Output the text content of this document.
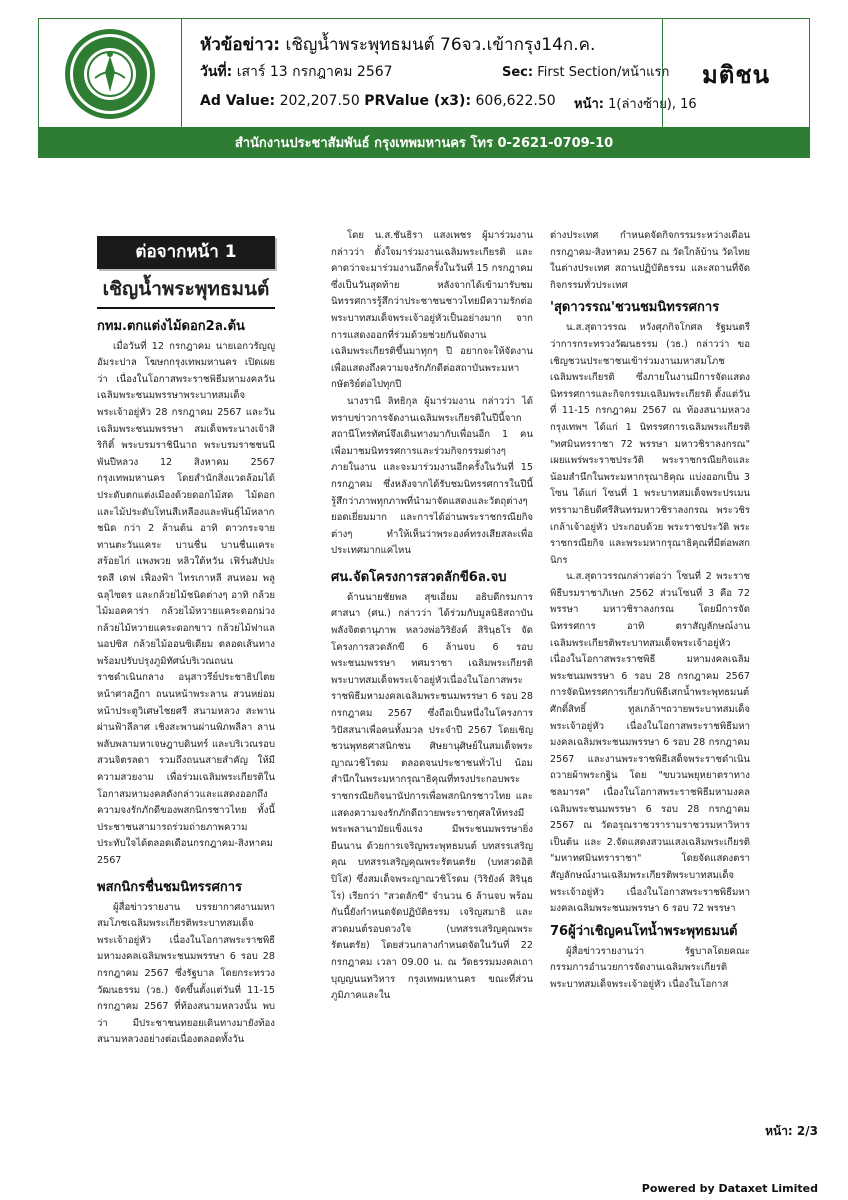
หัวข้อข่าว: เชิญน้ำพระพุทธมนต์ 76จว.เข้ากรุง14ก.ค.
วันที่: เสาร์ 13 กรกฎาคม 2567	Sec: First Section/หน้าแรก
Ad Value: 202,207.50 PRValue (x3): 606,622.50 หน้า: 1(ล่างซ้าย), 16
มติชน
สำนักงานประชาสัมพันธ์ กรุงเทพมหานคร โทร 0-2621-0709-10
ต่อจากหน้า 1
เชิญน้ำพระพุทธมนต์
กทม.ตกแต่งไม้ดอก2ล.ต้น

เมื่อวันที่ 12 กรกฎาคม นายเอกวรัญญู อัมระปาล โฆษกกรุงเทพมหานคร เปิดเผยว่า เนื่องในโอกาสพระราชพิธีมหามงคลวันเฉลิมพระชนมพรรษาพระบาทสมเด็จพระเจ้าอยู่หัว 28 กรกฎาคม 2567 และวันเฉลิมพระชนมพรรษา สมเด็จพระนางเจ้าสิริกิติ์ พระบรมราชินีนาถ พระบรมราชชนนีพันปีหลวง 12 สิงหาคม 2567 กรุงเทพมหานคร โดยสำนักสิ่งแวดล้อมได้ประดับตกแต่งเมืองด้วยดอกไม้สด ไม้ดอกและไม้ประดับโทนสีเหลืองและพันธุ์ไม้หลากชนิด กว่า 2 ล้านต้น อาทิ ดาวกระจาย ทานตะวันแคระ บานชื่น บานชื่นแคระ สร้อยไก่ แพงพวย หลิวใต้หวัน เฟิร์นสัปปะรดสี เดฟ เฟื่องฟ้า ไทรเกาหลี สนหอม พลูฉลุไซดร และกล้วยไม้ชนิดต่างๆ อาทิ กล้วยไม้มอคคาร่า กล้วยไม้หวายแคระดอกม่วง กล้วยไม้หวายแคระดอกขาว กล้วยไม้ฟาแลนอปซิส กล้วยไม้ออนซิเดียม ตลอดเส้นทาง พร้อมปรับปรุงภูมิทัศน์บริเวณถนนราชดำเนินกลาง อนุสาวรีย์ประชาธิปไตย หน้าศาลฎีกา ถนนหน้าพระลาน สวนหย่อมหน้าประตูวิเศษไชยศรี สนามหลวง สะพานผ่านฟ้าลีลาศ เชิงสะพานผ่านพิภพลีลา ลานพลับพลามหาเจษฎาบดินทร์ และบริเวณรอบสวนจิตรลดา รวมถึงถนนสายสำคัญ ให้มีความสวยงาม เพื่อร่วมเฉลิมพระเกียรติในโอกาสมหามงคลดังกล่าวและแสดงออกถึงความจงรักภักดีของพสกนิกรชาวไทย ทั้งนี้ ประชาชนสามารถร่วมถ่ายภาพความประทับใจได้ตลอดเดือนกรกฎาคม-สิงหาคม 2567

พสกนิกรชื่นชมนิทรรศการ

ผู้สื่อข่าวรายงาน บรรยากาศงานมหาสมโภชเฉลิมพระเกียรติพระบาทสมเด็จพระเจ้าอยู่หัว เนื่องในโอกาสพระราชพิธีมหามงคลเฉลิมพระชนมพรรษา 6 รอบ 28 กรกฎาคม 2567 ซึ่งรัฐบาล โดยกระทรวงวัฒนธรรม (วธ.) จัดขึ้นตั้งแต่วันที่ 11-15 กรกฎาคม 2567 ที่ท้องสนามหลวงนั้น พบว่า มีประชาชนทยอยเดินทางมายังท้องสนามหลวงอย่างต่อเนื่องตลอดทั้งวัน

โดย น.ส.ชันธิรา แสงเพชร ผู้มาร่วมงาน กล่าวว่า ตั้งใจมาร่วมงานเฉลิมพระเกียรติ และคาดว่าจะมาร่วมงานอีกครั้งในวันที่ 15 กรกฎาคม ซึ่งเป็นวันสุดท้าย หลังจากได้เข้ามารับชมนิทรรศการรู้สึกว่าประชาชนชาวไทยมีความรักต่อพระบาทสมเด็จพระเจ้าอยู่หัวเป็นอย่างมาก จากการแสดงออกที่ร่วมด้วยช่วยกันจัดงานเฉลิมพระเกียรติขึ้นมาทุกๆ ปี อยากจะให้จัดงานเพื่อแสดงถึงความจงรักภักดีต่อสถาบันพระมหากษัตริย์ต่อไปทุกปี

นางรานี ลิทธิกุล ผู้มาร่วมงาน กล่าวว่า ได้ทราบข่าวการจัดงานเฉลิมพระเกียรติในปีนี้จากสถานีโทรทัศน์จึงเดินทางมากับเพื่อนอีก 1 คน เพื่อมาชมนิทรรศการและร่วมกิจกรรมต่างๆ ภายในงาน และจะมาร่วมงานอีกครั้งในวันที่ 15 กรกฎาคม ซึ่งหลังจากได้รับชมนิทรรศการในปีนี้รู้สึกว่าภาพทุกภาพที่นำมาจัดแสดงและวัตถุต่างๆ ยอดเยี่ยมมาก และการได้อ่านพระราชกรณียกิจต่างๆ ทำให้เห็นว่าพระองค์ทรงเสียสละเพื่อประเทศมากแค่ไหน

ศน.จัดโครงการสวดลักขี6ล.จบ

ด้านนายชัยพล สุขเอี่ยม อธิบดีกรมการศาสนา (ศน.) กล่าวว่า ได้ร่วมกับมูลนิธิสถาบันพลังจิตตานุภาพ หลวงพ่อวิริยังค์ สิรินฺธโร จัดโครงการสวดลักขี 6 ล้านจบ 6 รอบพระชนมพรรษา ทศมราชา เฉลิมพระเกียรติพระบาทสมเด็จพระเจ้าอยู่หัวเนื่องในโอกาสพระราชพิธีมหามงคลเฉลิมพระชนมพรรษา 6 รอบ 28 กรกฎาคม 2567 ซึ่งถือเป็นหนึ่งในโครงการวิปัสสนาเพื่อคนทั้งมวล ประจำปี 2567 โดยเชิญชวนพุทธศาสนิกชน ศิษยานุศิษย์ในสมเด็จพระญาณวชิโรดม ตลอดจนประชาชนทั่วไป น้อมสำนึกในพระมหากรุณาธิคุณที่ทรงประกอบพระราชกรณียกิจนานัปการเพื่อพสกนิกรชาวไทย และแสดงความจงรักภักดีถวายพระราชกุศลให้ทรงมีพระพลานามัยแข็งแรง มีพระชนมพรรษายิ่งยืนนาน ด้วยการเจริญพระพุทธมนต์ บทสรรเสริญคุณ บทสรรเสริญคุณพระรัตนตรัย (บทสวดอิติปิโส) ซึ่งสมเด็จพระญาณวชิโรดม (วิริยังค์ สิรินฺธโร) เรียกว่า "สวดลักขี" จำนวน 6 ล้านจบ พร้อมกันนี้ยังกำหนดจัดปฏิบัติธรรม เจริญสมาธิ และสวดมนต์รอบดวงใจ (บทสรรเสริญคุณพระรัตนตรัย) โดยส่วนกลางกำหนดจัดในวันที่ 22 กรกฎาคม เวลา 09.00 น. ณ วัดธรรมมงคลเถาบุญญนนทวิหาร กรุงเทพมหานคร ขณะที่ส่วนภูมิภาคและใน

ต่างประเทศ กำหนดจัดกิจกรรมระหว่างเดือนกรกฎาคม-สิงหาคม 2567 ณ วัดใกล้บ้าน วัดไทยในต่างประเทศ สถานปฏิบัติธรรม และสถานที่จัดกิจกรรมทั่วประเทศ

'สุดาวรรณ'ชวนชมนิทรรศการ

น.ส.สุดาวรรณ หวังศุภกิจโกศล รัฐมนตรีว่าการกระทรวงวัฒนธรรม (วธ.) กล่าวว่า ขอเชิญชวนประชาชนเข้าร่วมงานมหาสมโภชเฉลิมพระเกียรติ ซึ่งภายในงานมีการจัดแสดงนิทรรศการและกิจกรรมเฉลิมพระเกียรติ ตั้งแต่วันที่ 11-15 กรกฎาคม 2567 ณ ท้องสนามหลวง กรุงเทพฯ ได้แก่ 1 นิทรรศการเฉลิมพระเกียรติ "ทศมินทรราชา 72 พรรษา มหาวชิราลงกรณ" เผยแพร่พระราชประวัติ พระราชกรณียกิจและน้อมสำนึกในพระมหากรุณาธิคุณ แบ่งออกเป็น 3 โซน ได้แก่ โซนที่ 1 พระบาทสมเด็จพระปรเมนทรรามาธิบดีศรีสินทรมหาวชิราลงกรณ พระวชิรเกล้าเจ้าอยู่หัว ประกอบด้วย พระราชประวัติ พระราชกรณียกิจ และพระมหากรุณาธิคุณที่มีต่อพสกนิกร

น.ส.สุดาวรรณกล่าวต่อว่า โซนที่ 2 พระราชพิธีบรมราชาภิเษก 2562 ส่วนโซนที่ 3 คือ 72 พรรษา มหาวชิราลงกรณ โดยมีการจัดนิทรรศการ อาทิ ตราสัญลักษณ์งานเฉลิมพระเกียรติพระบาทสมเด็จพระเจ้าอยู่หัว เนื่องในโอกาสพระราชพิธี มหามงคลเฉลิมพระชนมพรรษา 6 รอบ 28 กรกฎาคม 2567 การจัดนิทรรศการเกี่ยวกับพิธีเสกน้ำพระพุทธมนต์ศักดิ์สิทธิ์ ทูลเกล้าฯถวายพระบาทสมเด็จพระเจ้าอยู่หัว เนื่องในโอกาสพระราชพิธีมหามงคลเฉลิมพระชนมพรรษา 6 รอบ 28 กรกฎาคม 2567 และงานพระราชพิธีเสด็จพระราชดำเนินถวายผ้าพระกฐิน โดย "ขบวนพยุหยาตราทางชลมารค" เนื่องในโอกาสพระราชพิธีมหามงคลเฉลิมพระชนมพรรษา 6 รอบ 28 กรกฎาคม 2567 ณ วัดอรุณราชวรารามราชวรมหาวิหาร เป็นต้น และ 2.จัดแสดงสวนแสงเฉลิมพระเกียรติ "มหาทศมินทราราชา" โดยจัดแสดงตราสัญลักษณ์งานเฉลิมพระเกียรติพระบาทสมเด็จพระเจ้าอยู่หัว เนื่องในโอกาสพระราชพิธีมหามงคลเฉลิมพระชนมพรรษา 6 รอบ 72 พรรษา

76ผู้ว่าเชิญคนโทน้ำพระพุทธมนต์

ผู้สื่อข่าวรายงานว่า รัฐบาลโดยคณะกรรมการอำนวยการจัดงานเฉลิมพระเกียรติพระบาทสมเด็จพระเจ้าอยู่หัว เนื่องในโอกาส

หน้า: 2/3
Powered by Dataxet Limited
